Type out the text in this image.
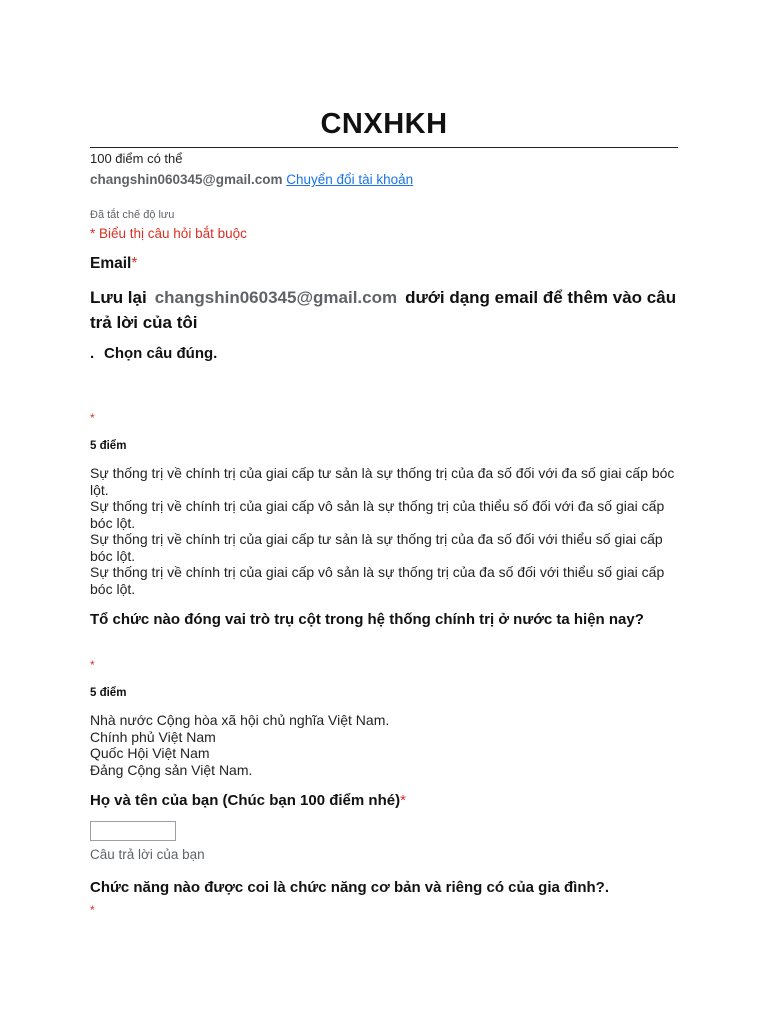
CNXHKH
100 điểm có thể
changshin060345@gmail.com Chuyển đổi tài khoản
Đã tắt chế độ lưu
* Biểu thị câu hỏi bắt buộc
Email*
Lưu lại changshin060345@gmail.com dưới dạng email để thêm vào câu trả lời của tôi
. Chọn câu đúng.
*
5 điểm
Sự thống trị về chính trị của giai cấp tư sản là sự thống trị của đa số đối với đa số giai cấp bóc lột.
Sự thống trị về chính trị của giai cấp vô sản là sự thống trị của thiểu số đối với đa số giai cấp bóc lột.
Sự thống trị về chính trị của giai cấp tư sản là sự thống trị của đa số đối với thiểu số giai cấp bóc lột.
Sự thống trị về chính trị của giai cấp vô sản là sự thống trị của đa số đối với thiểu số giai cấp bóc lột.
Tổ chức nào đóng vai trò trụ cột trong hệ thống chính trị ở nước ta hiện nay?
*
5 điểm
Nhà nước Cộng hòa xã hội chủ nghĩa Việt Nam.
Chính phủ Việt Nam
Quốc Hội Việt Nam
Đảng Cộng sản Việt Nam.
Họ và tên của bạn (Chúc bạn 100 điểm nhé)*
Câu trả lời của bạn
Chức năng nào được coi là chức năng cơ bản và riêng có của gia đình?.
*
